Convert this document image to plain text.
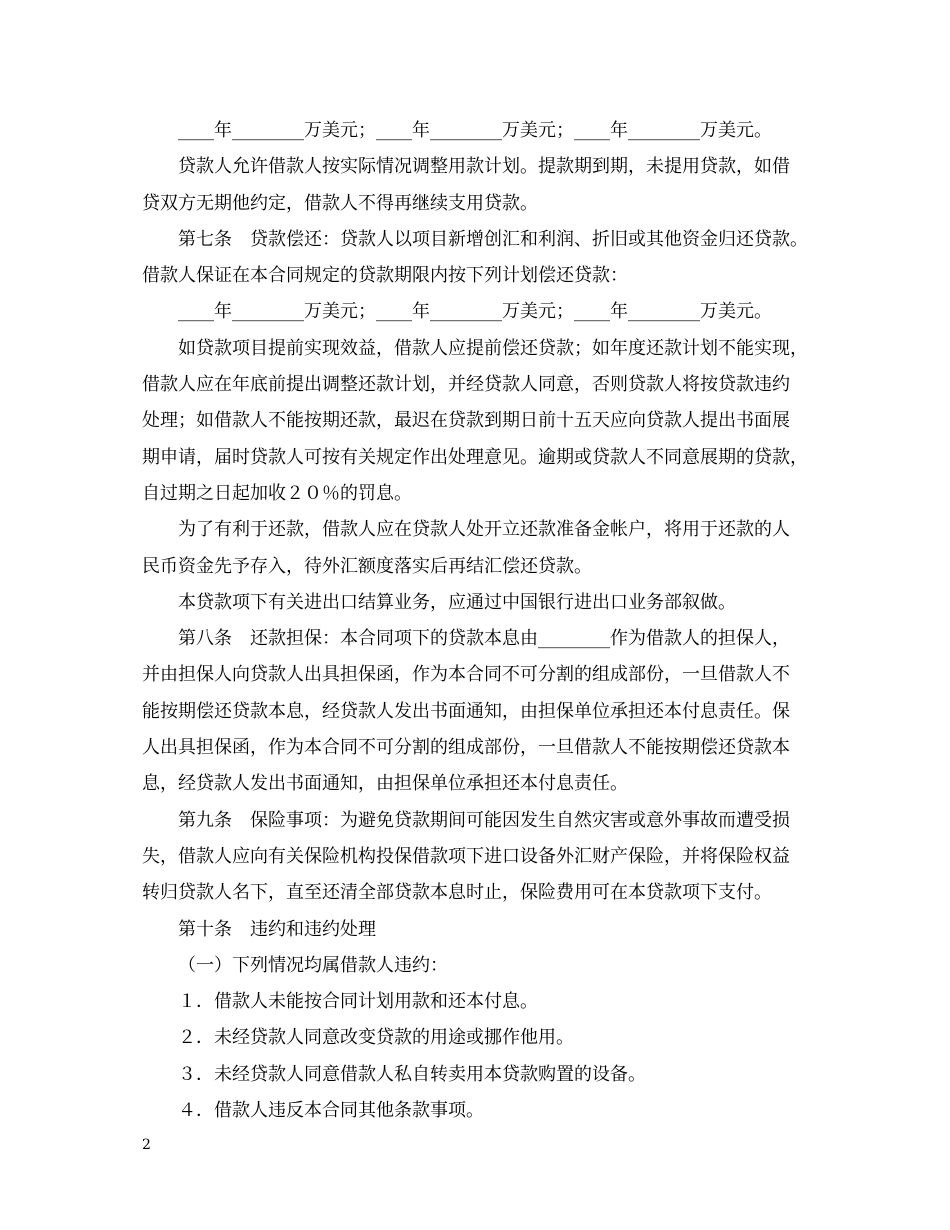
____年________万美元；____年________万美元；____年________万美元。
贷款人允许借款人按实际情况调整用款计划。提款期到期，未提用贷款，如借
贷双方无期他约定，借款人不得再继续支用贷款。
第七条　贷款偿还：贷款人以项目新增创汇和利润、折旧或其他资金归还贷款。
借款人保证在本合同规定的贷款期限内按下列计划偿还贷款：
____年________万美元；____年________万美元；____年________万美元。
如贷款项目提前实现效益，借款人应提前偿还贷款；如年度还款计划不能实现，
借款人应在年底前提出调整还款计划，并经贷款人同意，否则贷款人将按贷款违约
处理；如借款人不能按期还款，最迟在贷款到期日前十五天应向贷款人提出书面展
期申请，届时贷款人可按有关规定作出处理意见。逾期或贷款人不同意展期的贷款，
自过期之日起加收２０％的罚息。
为了有利于还款，借款人应在贷款人处开立还款准备金帐户，将用于还款的人
民币资金先予存入，待外汇额度落实后再结汇偿还贷款。
本贷款项下有关进出口结算业务，应通过中国银行进出口业务部叙做。
第八条　还款担保：本合同项下的贷款本息由________作为借款人的担保人，
并由担保人向贷款人出具担保函，作为本合同不可分割的组成部份，一旦借款人不
能按期偿还贷款本息，经贷款人发出书面通知，由担保单位承担还本付息责任。保
人出具担保函，作为本合同不可分割的组成部份，一旦借款人不能按期偿还贷款本
息，经贷款人发出书面通知，由担保单位承担还本付息责任。
第九条　保险事项：为避免贷款期间可能因发生自然灾害或意外事故而遭受损
失，借款人应向有关保险机构投保借款项下进口设备外汇财产保险，并将保险权益
转归贷款人名下，直至还清全部贷款本息时止，保险费用可在本贷款项下支付。
第十条　违约和违约处理
（一）下列情况均属借款人违约：
１．借款人未能按合同计划用款和还本付息。
２．未经贷款人同意改变贷款的用途或挪作他用。
３．未经贷款人同意借款人私自转卖用本贷款购置的设备。
４．借款人违反本合同其他条款事项。
2
